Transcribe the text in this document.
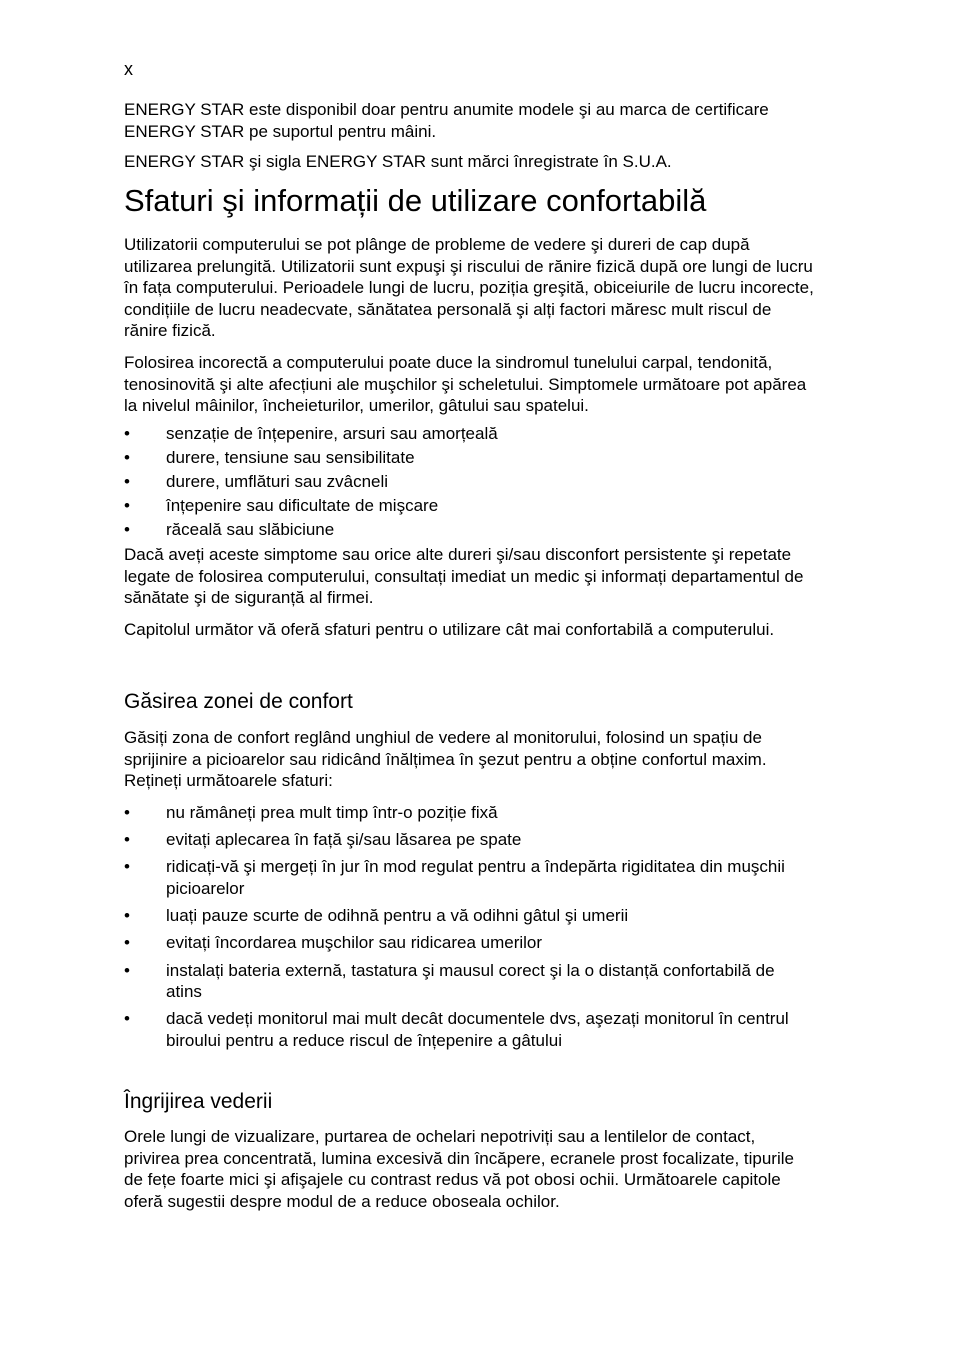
x

ENERGY STAR este disponibil doar pentru anumite modele şi au marca de certificare ENERGY STAR pe suportul pentru mâini.

ENERGY STAR şi sigla ENERGY STAR sunt mărci înregistrate în S.U.A.

Sfaturi şi informații de utilizare confortabilă

Utilizatorii computerului se pot plânge de probleme de vedere şi dureri de cap după utilizarea prelungită. Utilizatorii sunt expuşi şi riscului de rănire fizică după ore lungi de lucru în fața computerului. Perioadele lungi de lucru, poziția greşită, obiceiurile de lucru incorecte, condițiile de lucru neadecvate, sănătatea personală şi alți factori măresc mult riscul de rănire fizică.

Folosirea incorectă a computerului poate duce la sindromul tunelului carpal, tendonită, tenosinovită şi alte afecțiuni ale muşchilor şi scheletului. Simptomele următoare pot apărea la nivelul mâinilor, încheieturilor, umerilor, gâtului sau spatelui.

• senzație de înțepenire, arsuri sau amorțeală
• durere, tensiune sau sensibilitate
• durere, umflături sau zvâcneli
• înțepenire sau dificultate de mişcare
• răceală sau slăbiciune

Dacă aveți aceste simptome sau orice alte dureri şi/sau disconfort persistente şi repetate legate de folosirea computerului, consultați imediat un medic şi informați departamentul de sănătate şi de siguranță al firmei.

Capitolul următor vă oferă sfaturi pentru o utilizare cât mai confortabilă a computerului.

Găsirea zonei de confort

Găsiți zona de confort reglând unghiul de vedere al monitorului, folosind un spațiu de sprijinire a picioarelor sau ridicând înălțimea în şezut pentru a obține confortul maxim. Rețineți următoarele sfaturi:

• nu rămâneți prea mult timp într-o poziție fixă
• evitați aplecarea în față şi/sau lăsarea pe spate
• ridicați-vă şi mergeți în jur în mod regulat pentru a îndepărta rigiditatea din muşchii picioarelor
• luați pauze scurte de odihnă pentru a vă odihni gâtul şi umerii
• evitați încordarea muşchilor sau ridicarea umerilor
• instalați bateria externă, tastatura şi mausul corect şi la o distanță confortabilă de atins
• dacă vedeți monitorul mai mult decât documentele dvs, aşezați monitorul în centrul biroului pentru a reduce riscul de înțepenire a gâtului
Îngrijirea vederii

Orele lungi de vizualizare, purtarea de ochelari nepotriviți sau a lentilelor de contact, privirea prea concentrată, lumina excesivă din încăpere, ecranele prost focalizate, tipurile de fețe foarte mici şi afişajele cu contrast redus vă pot obosi ochii. Următoarele capitole oferă sugestii despre modul de a reduce oboseala ochilor.
